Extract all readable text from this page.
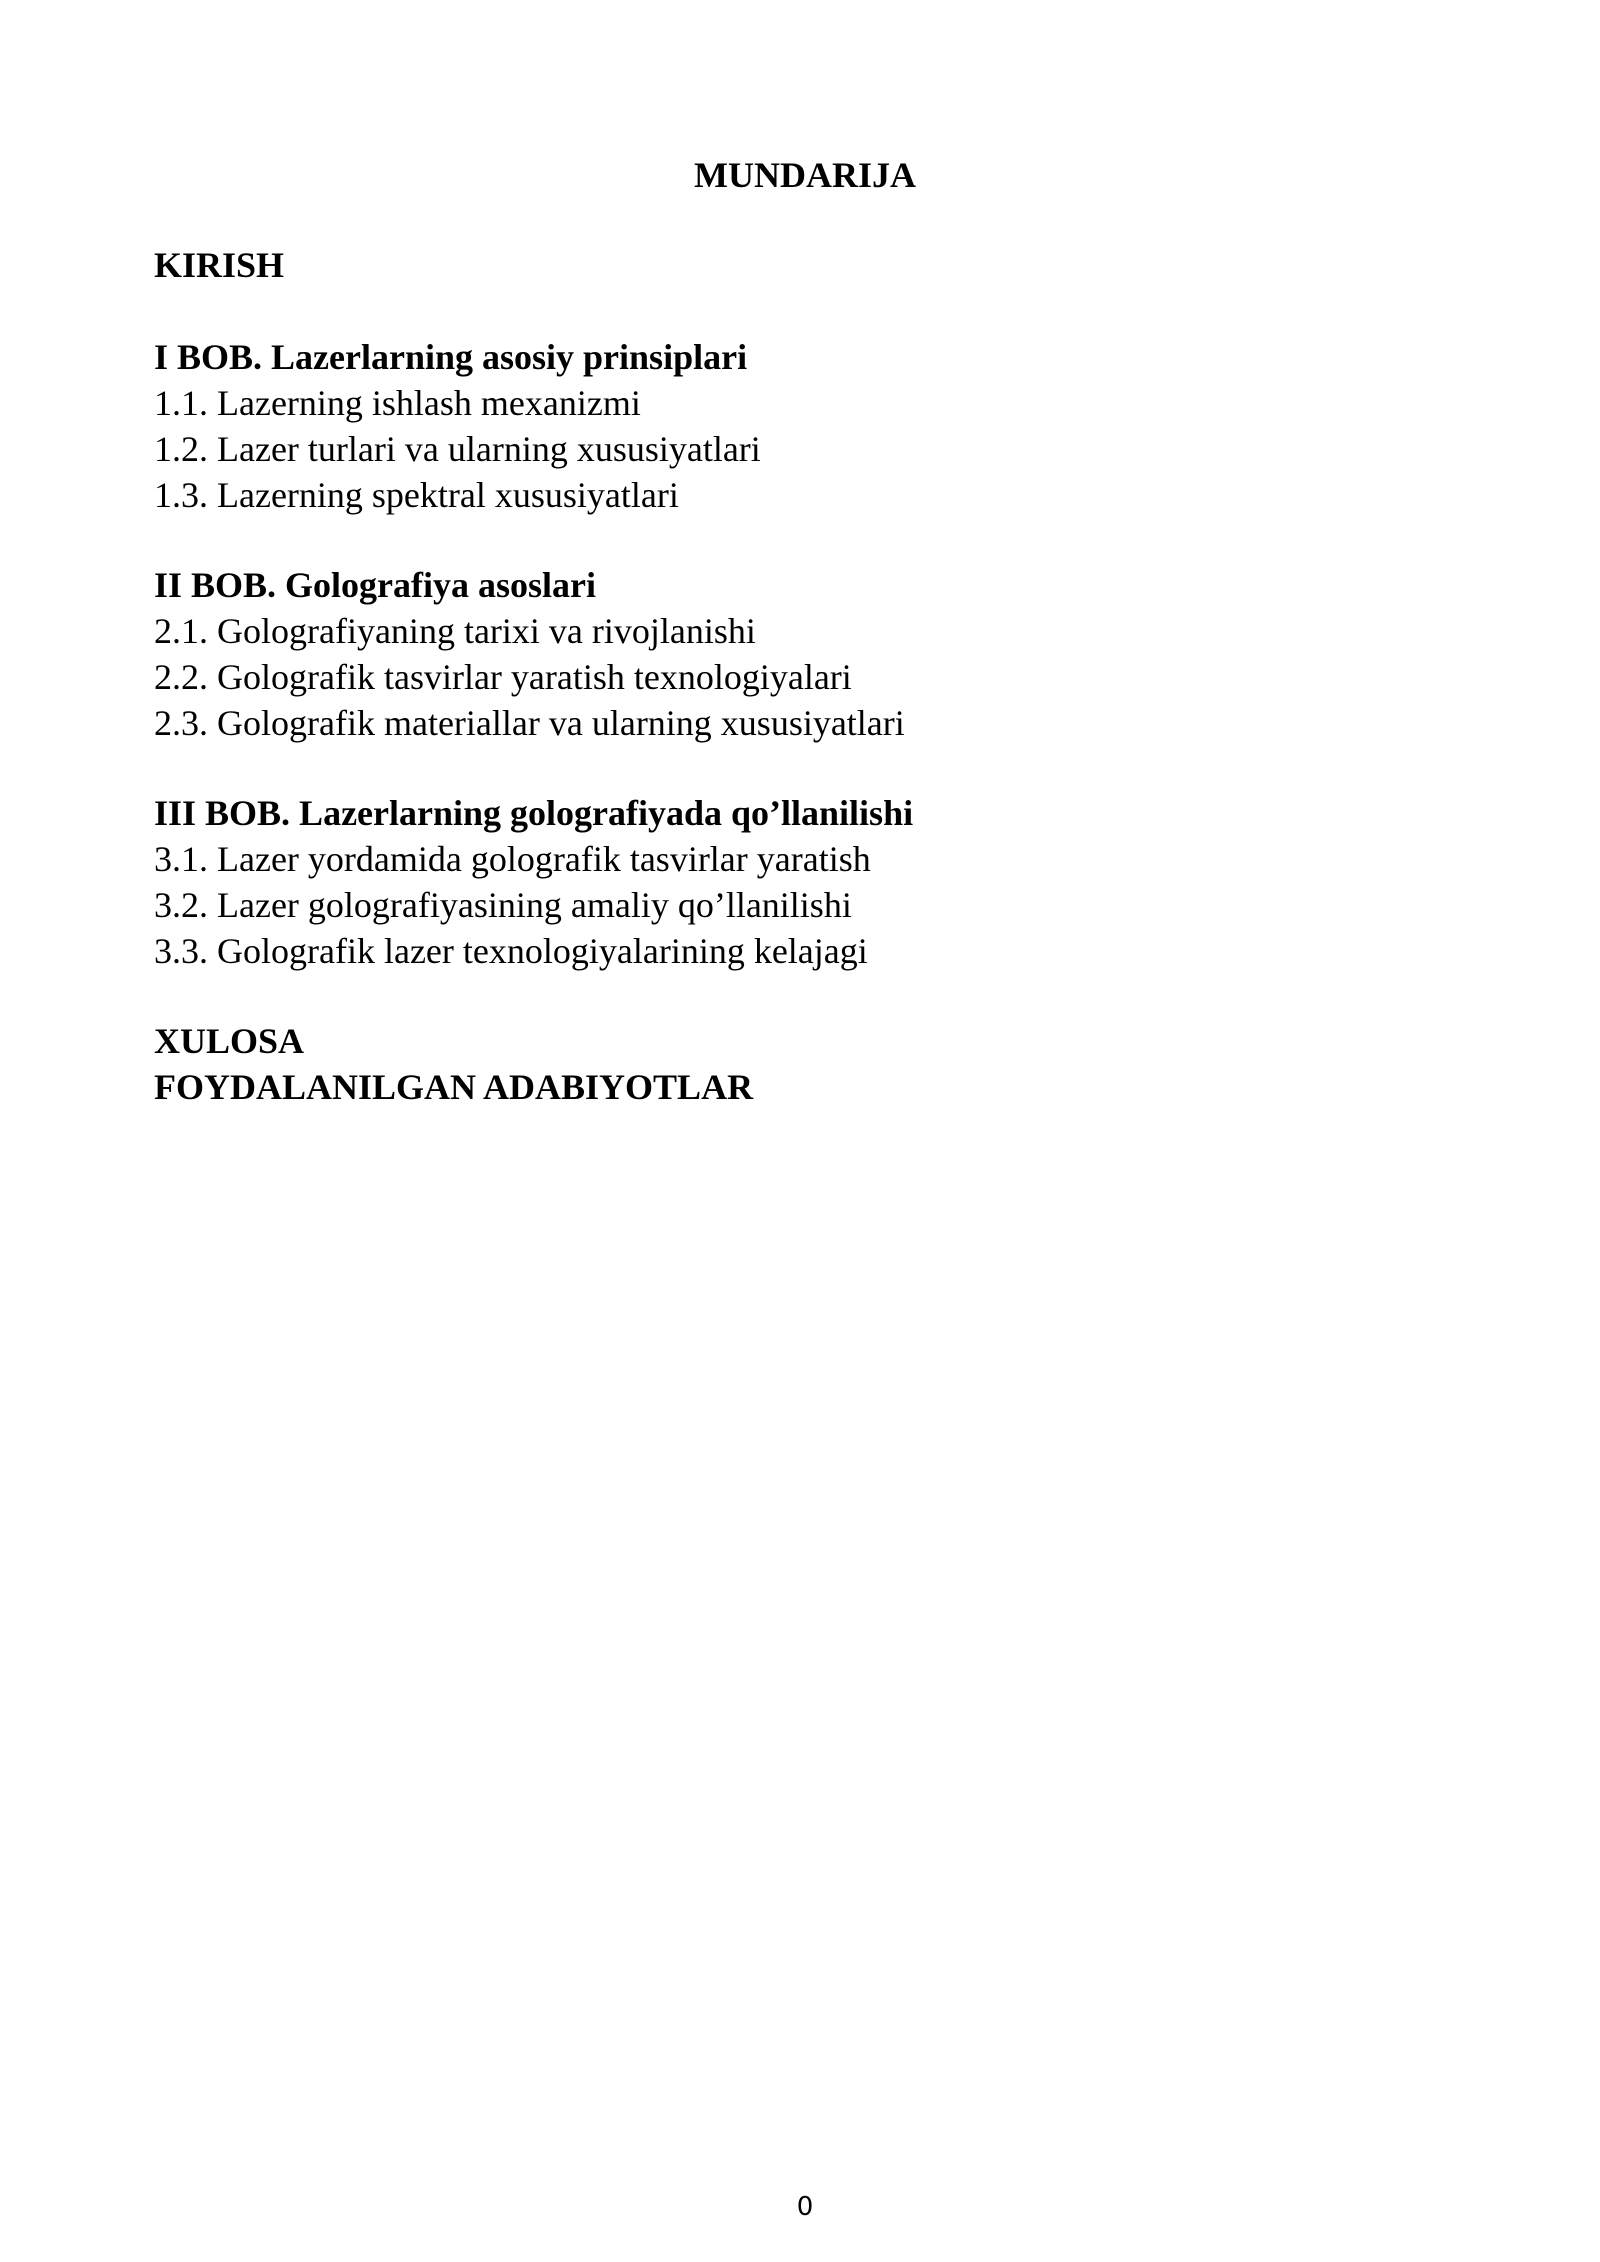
MUNDARIJA
KIRISH
I BOB. Lazerlarning asosiy prinsiplari
1.1. Lazerning ishlash mexanizmi
1.2. Lazer turlari va ularning xususiyatlari
1.3. Lazerning spektral xususiyatlari
II BOB. Golografiya asoslari
2.1. Golografiyaning tarixi va rivojlanishi
2.2. Golografik tasvirlar yaratish texnologiyalari
2.3. Golografik materiallar va ularning xususiyatlari
III BOB. Lazerlarning golografiyada qo’llanilishi
3.1. Lazer yordamida golografik tasvirlar yaratish
3.2. Lazer golografiyasining amaliy qo’llanilishi
3.3. Golografik lazer texnologiyalarining kelajagi
XULOSA
FOYDALANILGAN ADABIYOTLAR
0
